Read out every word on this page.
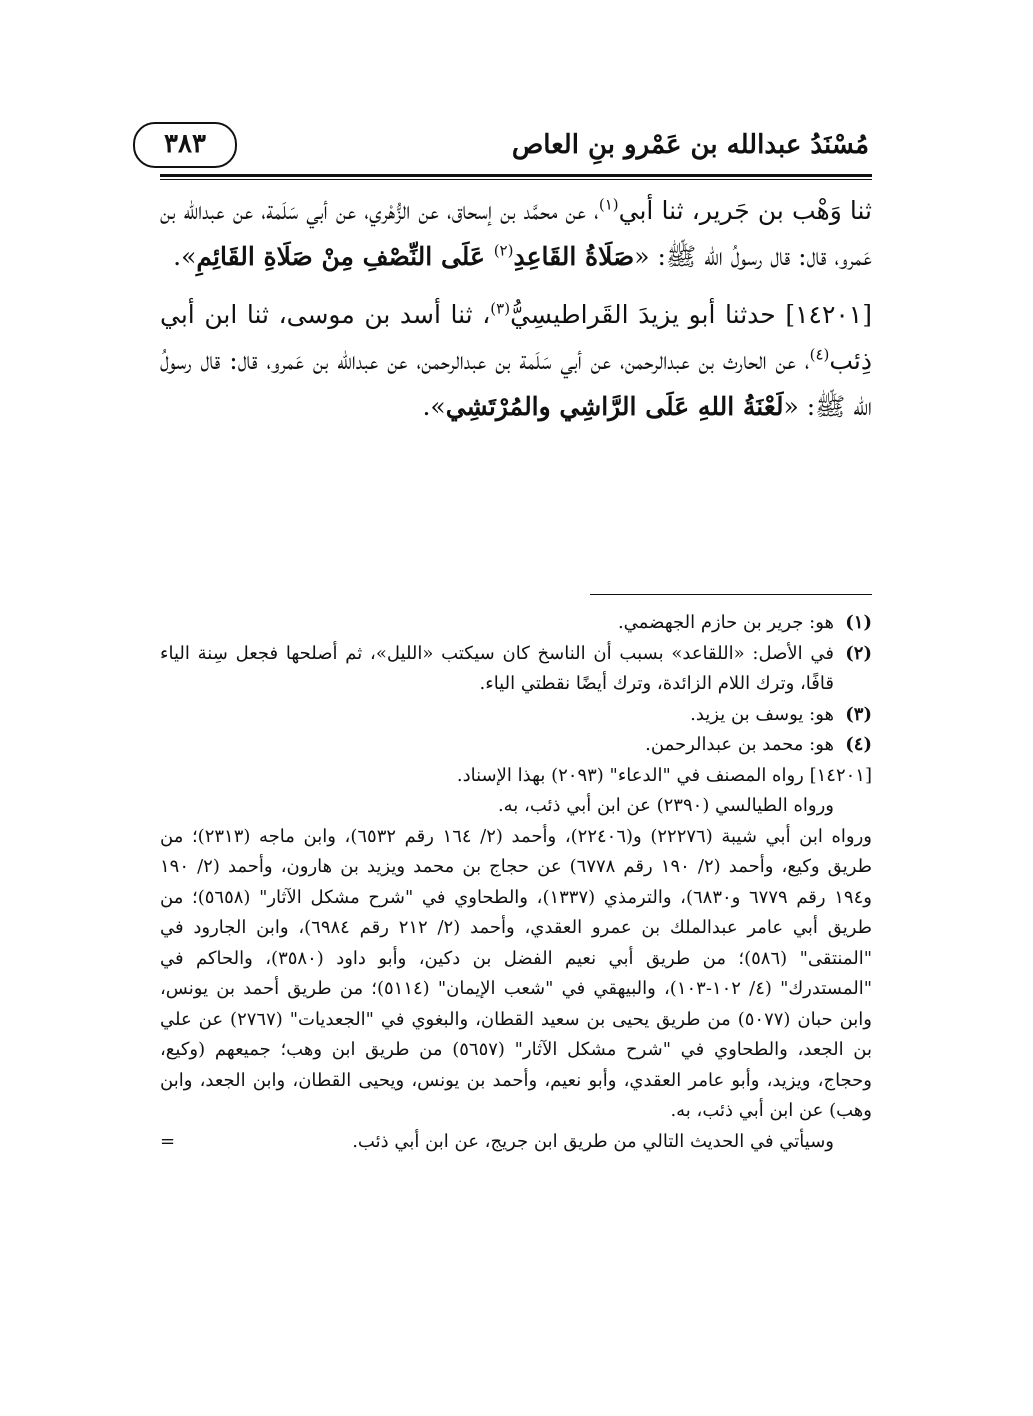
مُسْنَدُ عبدالله بن عَمْرو بنِ العاص
٣٨٣

ثنا وَهْب بن جَرير، ثنا أبي$^{(١)}$، عن محمَّد بن إسحاق، عن الزُّهْري، عن أبي سَلَمة، عن عبدالله بن عَمرو، قال: قال رسولُ الله ﷺ: «صَلَاةُ القَاعِدِ$^{(٢)}$ عَلَى النِّصْفِ مِنْ صَلَاةِ القَائِمِ».

[١٤٢٠١] حدثنا أبو يزيدَ القَراطيسِيُّ$^{(٣)}$، ثنا أسد بن موسى، ثنا ابن أبي ذِئب$^{(٤)}$، عن الحارث بن عبدالرحمن، عن أبي سَلَمة بن عبدالرحمن، عن عبدالله بن عَمرو، قال: قال رسولُ الله ﷺ: «لَعْنَةُ اللهِ عَلَى الرَّاشِي والمُرْتَشِي».

(١)
هو: جرير بن حازم الجهضمي.
(٢)
في الأصل: «اللقاعد» بسبب أن الناسخ كان سيكتب «الليل»، ثم أصلحها فجعل سِنة الياء قافًا، وترك اللام الزائدة، وترك أيضًا نقطتي الياء.
(٣)
هو: يوسف بن يزيد.
(٤)
هو: محمد بن عبدالرحمن.
[١٤٢٠١] رواه المصنف في "الدعاء" (٢٠٩٣) بهذا الإسناد.
ورواه الطيالسي (٢٣٩٠) عن ابن أبي ذئب، به.
ورواه ابن أبي شيبة (٢٢٢٧٦) و(٢٢٤٠٦)، وأحمد (٢/ ١٦٤ رقم ٦٥٣٢)، وابن ماجه (٢٣١٣)؛ من طريق وكيع، وأحمد (٢/ ١٩٠ رقم ٦٧٧٨) عن حجاج بن محمد ويزيد بن هارون، وأحمد (٢/ ١٩٠ و١٩٤ رقم ٦٧٧٩ و٦٨٣٠)، والترمذي (١٣٣٧)، والطحاوي في "شرح مشكل الآثار" (٥٦٥٨)؛ من طريق أبي عامر عبدالملك بن عمرو العقدي، وأحمد (٢/ ٢١٢ رقم ٦٩٨٤)، وابن الجارود في "المنتقى" (٥٨٦)؛ من طريق أبي نعيم الفضل بن دكين، وأبو داود (٣٥٨٠)، والحاكم في "المستدرك" (٤/ ١٠٢-١٠٣)، والبيهقي في "شعب الإيمان" (٥١١٤)؛ من طريق أحمد بن يونس، وابن حبان (٥٠٧٧) من طريق يحيى بن سعيد القطان، والبغوي في "الجعديات" (٢٧٦٧) عن علي بن الجعد، والطحاوي في "شرح مشكل الآثار" (٥٦٥٧) من طريق ابن وهب؛ جميعهم (وكيع، وحجاج، ويزيد، وأبو عامر العقدي، وأبو نعيم، وأحمد بن يونس، ويحيى القطان، وابن الجعد، وابن وهب) عن ابن أبي ذئب، به.
وسيأتي في الحديث التالي من طريق ابن جريج، عن ابن أبي ذئب.
=
